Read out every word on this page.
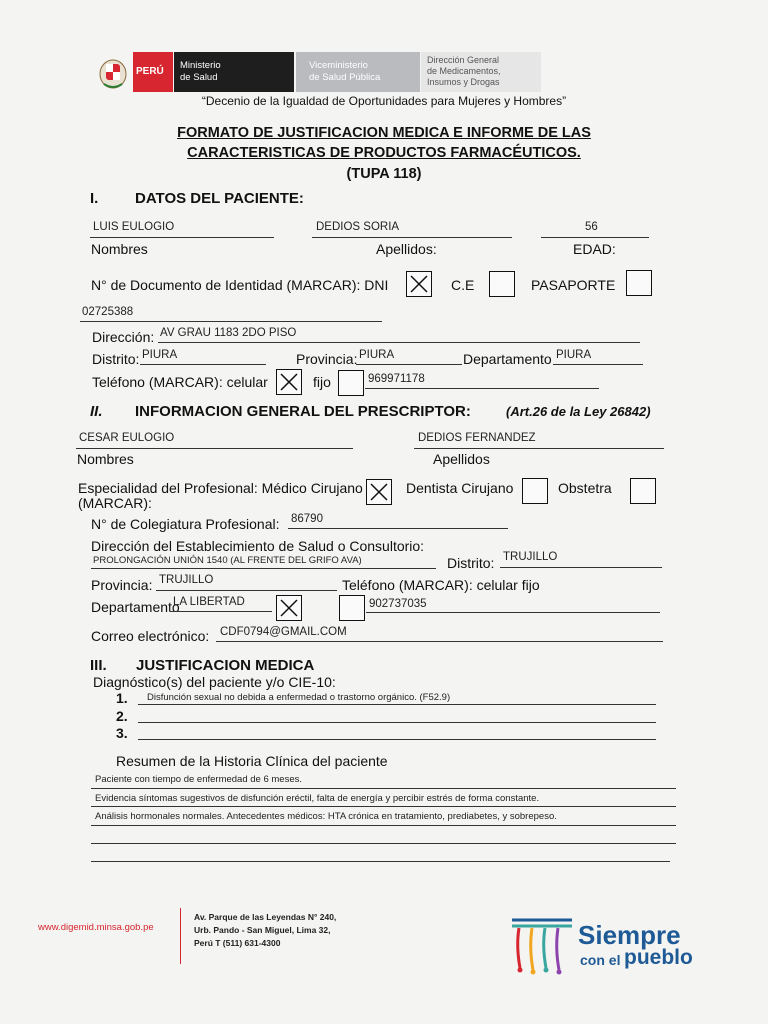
PERÚ
Ministerio
de Salud
Viceministerio
de Salud Pública
Dirección General
de Medicamentos,
Insumos y Drogas
“Decenio de la Igualdad de Oportunidades para Mujeres y Hombres”
FORMATO DE JUSTIFICACION MEDICA E INFORME DE LAS
CARACTERISTICAS DE PRODUCTOS FARMACÉUTICOS.
(TUPA 118)
I. DATOS DEL PACIENTE:
LUIS EULOGIO
Nombres
DEDIOS SORIA
Apellidos:
56
EDAD:
N° de Documento de Identidad (MARCAR): DNI	C.E	PASAPORTE
02725388
Dirección: AV GRAU 1183 2DO PISO
Distrito: PIURA	Provincia: PIURA	Departamento PIURA
Teléfono (MARCAR): celular	fijo	969971178
II. INFORMACION GENERAL DEL PRESCRIPTOR:	(Art.26 de la Ley 26842)
CESAR EULOGIO
Nombres
DEDIOS FERNANDEZ
Apellidos
Especialidad del Profesional: Médico Cirujano
(MARCAR):
Dentista Cirujano	Obstetra
N° de Colegiatura Profesional: 86790
Dirección del Establecimiento de Salud o Consultorio:
PROLONGACIÓN UNIÓN 1540 (AL FRENTE DEL GRIFO AVA)	Distrito: TRUJILLO
Provincia: TRUJILLO	Teléfono (MARCAR): celular fijo
Departamento
LA LIBERTAD	902737035
Correo electrónico: CDF0794@GMAIL.COM
III. JUSTIFICACION MEDICA
Diagnóstico(s) del paciente y/o CIE-10:
1. Disfunción sexual no debida a enfermedad o trastorno orgánico. (F52.9)
2.
3.
Resumen de la Historia Clínica del paciente
Paciente con tiempo de enfermedad de 6 meses.
Evidencia síntomas sugestivos de disfunción eréctil, falta de energía y percibir estrés de forma constante.
Análisis hormonales normales. Antecedentes médicos: HTA crónica en tratamiento, prediabetes, y sobrepeso.
www.digemid.minsa.gob.pe
Av. Parque de las Leyendas N° 240,
Urb. Pando - San Miguel, Lima 32,
Perú T (511) 631-4300	Siempre
con el pueblo
